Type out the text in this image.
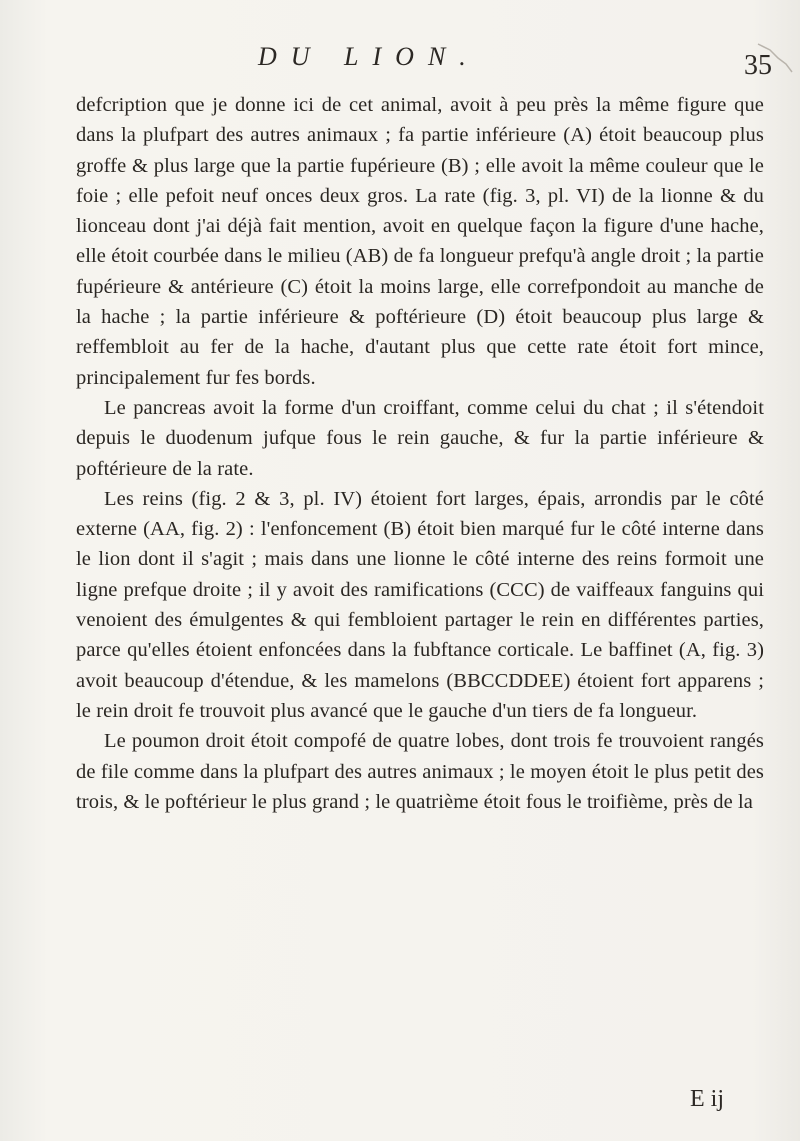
DU LION.	35

defcription que je donne ici de cet animal, avoit à peu près la même figure que dans la plufpart des autres animaux ; fa partie inférieure (A) étoit beaucoup plus groffe & plus large que la partie fupérieure (B) ; elle avoit la même couleur que le foie ; elle pefoit neuf onces deux gros. La rate (fig. 3, pl. VI) de la lionne & du lionceau dont j'ai déjà fait mention, avoit en quelque façon la figure d'une hache, elle étoit courbée dans le milieu (AB) de fa longueur prefqu'à angle droit ; la partie fupérieure & antérieure (C) étoit la moins large, elle correfpondoit au manche de la hache ; la partie inférieure & poftérieure (D) étoit beaucoup plus large & reffembloit au fer de la hache, d'autant plus que cette rate étoit fort mince, principalement fur fes bords.

Le pancreas avoit la forme d'un croiffant, comme celui du chat ; il s'étendoit depuis le duodenum jufque fous le rein gauche, & fur la partie inférieure & poftérieure de la rate.

Les reins (fig. 2 & 3, pl. IV) étoient fort larges, épais, arrondis par le côté externe (AA, fig. 2) : l'enfoncement (B) étoit bien marqué fur le côté interne dans le lion dont il s'agit ; mais dans une lionne le côté interne des reins formoit une ligne prefque droite ; il y avoit des ramifications (CCC) de vaiffeaux fanguins qui venoient des émulgentes & qui fembloient partager le rein en différentes parties, parce qu'elles étoient enfoncées dans la fubftance corticale. Le baffinet (A, fig. 3) avoit beaucoup d'étendue, & les mamelons (BBCCDDEE) étoient fort apparens ; le rein droit fe trouvoit plus avancé que le gauche d'un tiers de fa longueur.

Le poumon droit étoit compofé de quatre lobes, dont trois fe trouvoient rangés de file comme dans la plufpart des autres animaux ; le moyen étoit le plus petit des trois, & le poftérieur le plus grand ; le quatrième étoit fous le troifième, près de la

E ij
